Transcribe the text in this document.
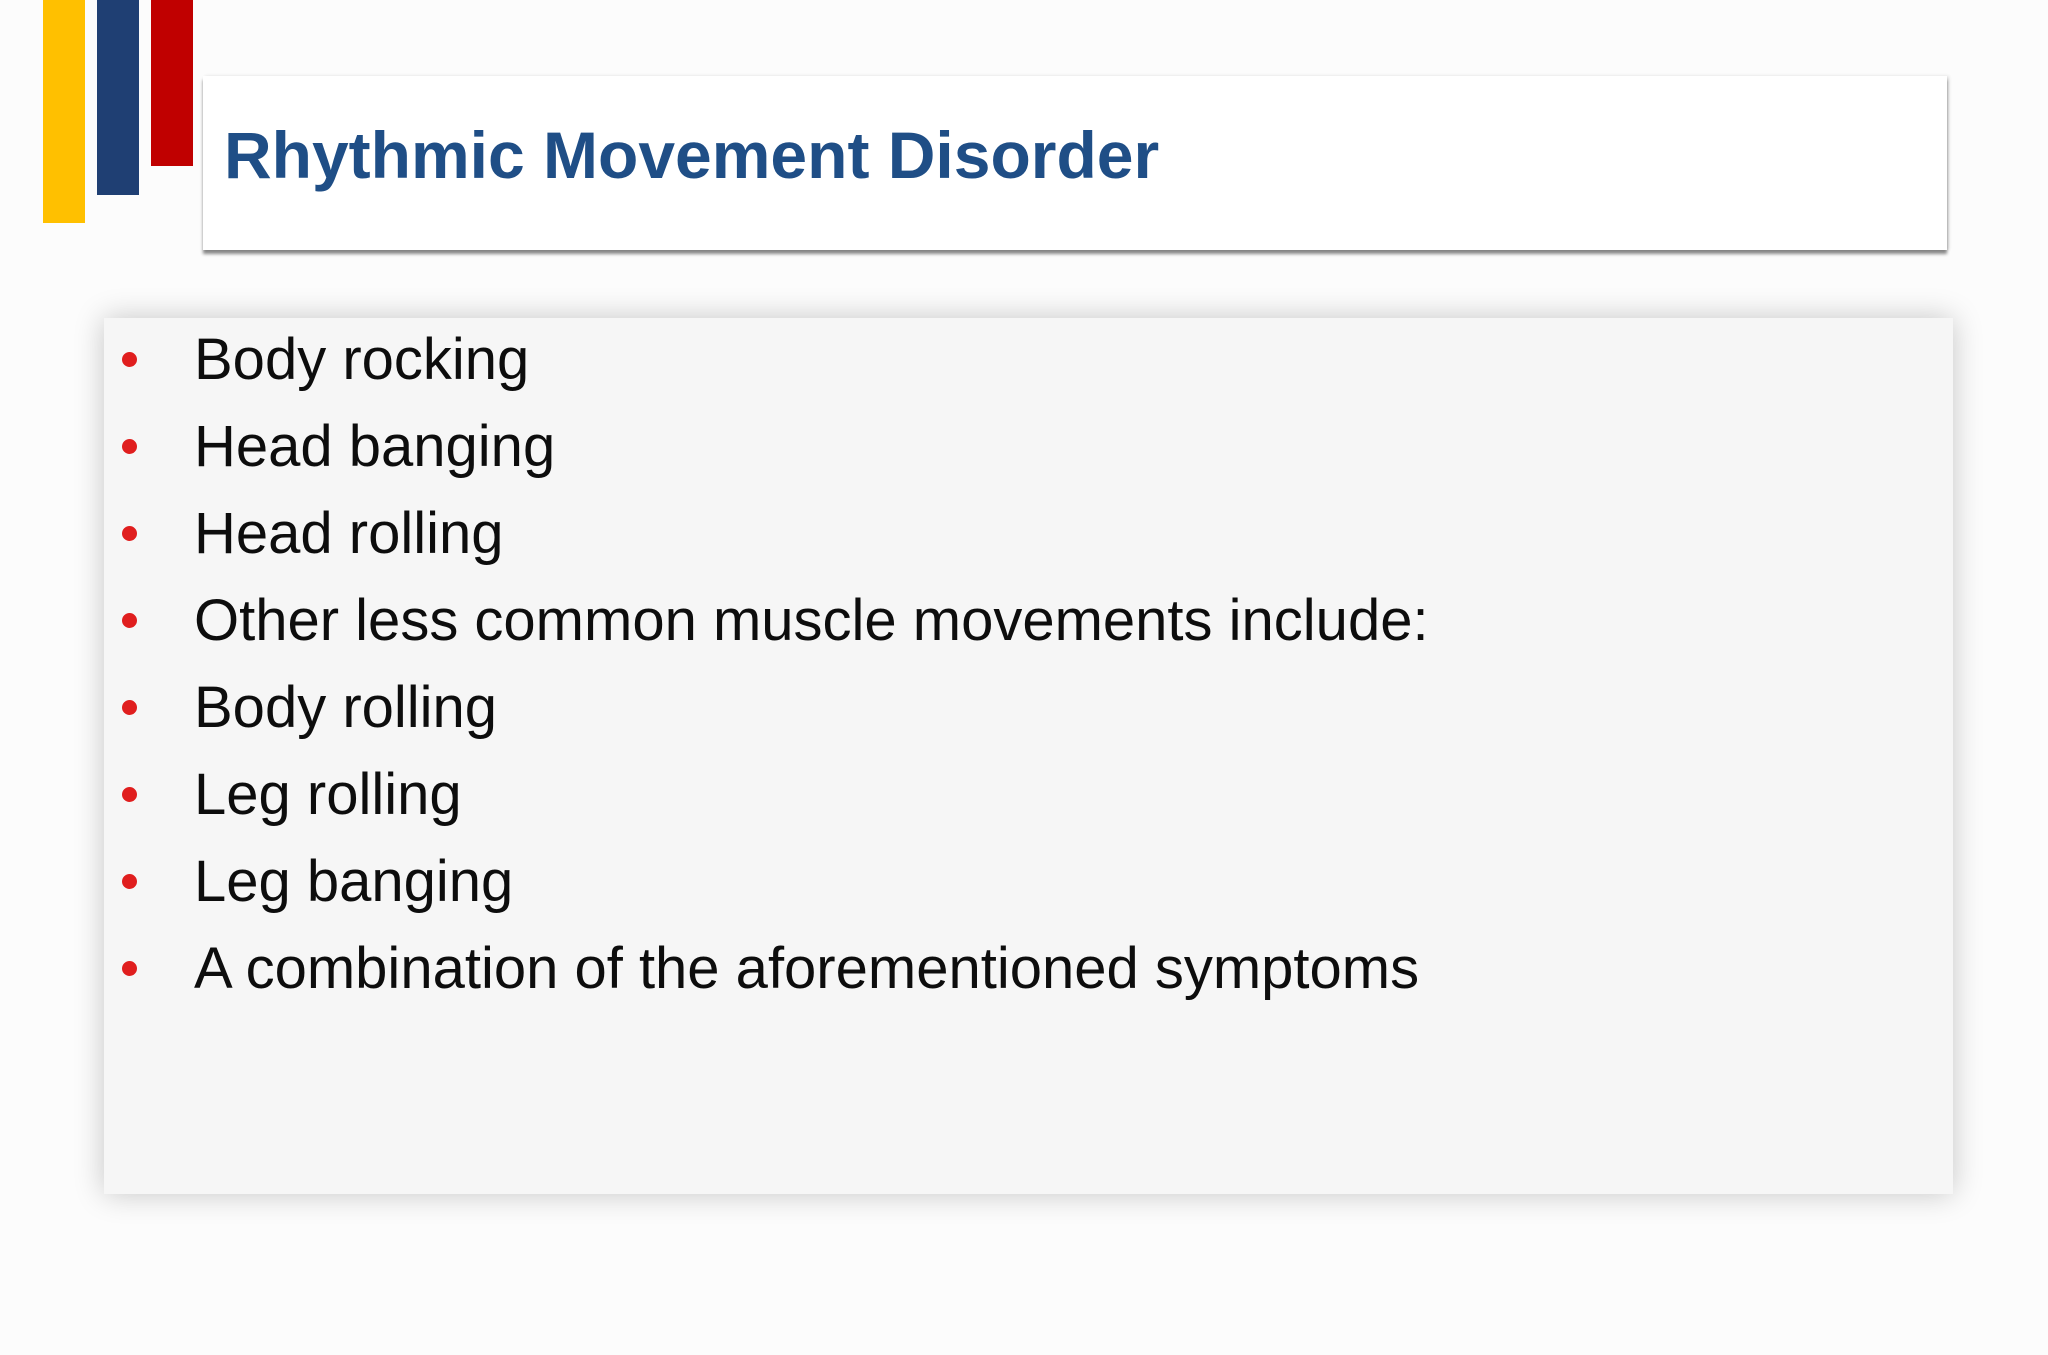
Rhythmic Movement Disorder
Body rocking
Head banging
Head rolling
Other less common muscle movements include:
Body rolling
Leg rolling
Leg banging
A combination of the aforementioned symptoms
